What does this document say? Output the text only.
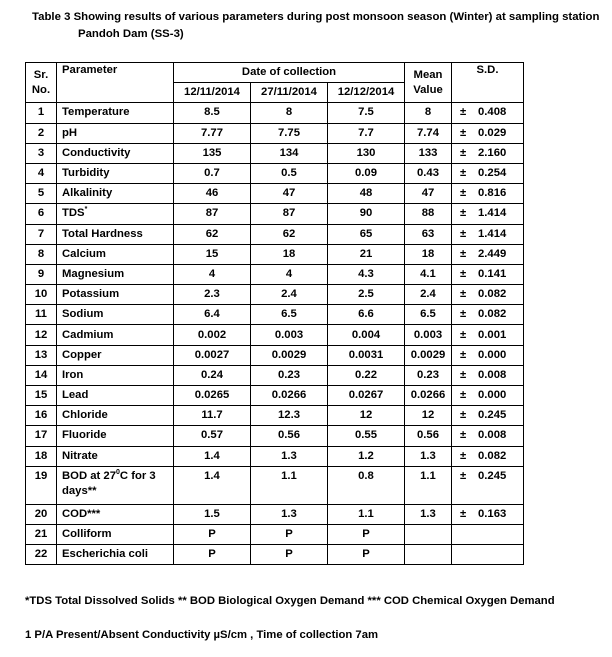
Table 3 Showing results of various parameters during post monsoon season (Winter) at sampling station
Pandoh Dam (SS-3)
Sr.
No.	Parameter	Date of collection			Mean
Value	S.D.
		12/11/2014	27/11/2014	12/12/2014		
1	Temperature	8.5	8	7.5	8	± 0.408
2	pH	7.77	7.75	7.7	7.74	± 0.029
3	Conductivity	135	134	130	133	± 2.160
4	Turbidity	0.7	0.5	0.09	0.43	± 0.254
5	Alkalinity	46	47	48	47	± 0.816
6	TDS*	87	87	90	88	± 1.414
7	Total Hardness	62	62	65	63	± 1.414
8	Calcium	15	18	21	18	± 2.449
9	Magnesium	4	4	4.3	4.1	± 0.141
10	Potassium	2.3	2.4	2.5	2.4	± 0.082
11	Sodium	6.4	6.5	6.6	6.5	± 0.082
12	Cadmium	0.002	0.003	0.004	0.003	± 0.001
13	Copper	0.0027	0.0029	0.0031	0.0029	± 0.000
14	Iron	0.24	0.23	0.22	0.23	± 0.008
15	Lead	0.0265	0.0266	0.0267	0.0266	± 0.000
16	Chloride	11.7	12.3	12	12	± 0.245
17	Fluoride	0.57	0.56	0.55	0.56	± 0.008
18	Nitrate	1.4	1.3	1.2	1.3	± 0.082
19	BOD at $27^0C$ for 3 days**	1.4	1.1	0.8	1.1	± 0.245
20	COD***	1.5	1.3	1.1	1.3	± 0.163
21	Colliform	P	P	P		
22	Escherichia coli	P	P	P		
*TDS Total Dissolved Solids ** BOD Biological Oxygen Demand *** COD Chemical Oxygen Demand
1 P/A Present/Absent Conductivity µS/cm , Time of collection 7am
